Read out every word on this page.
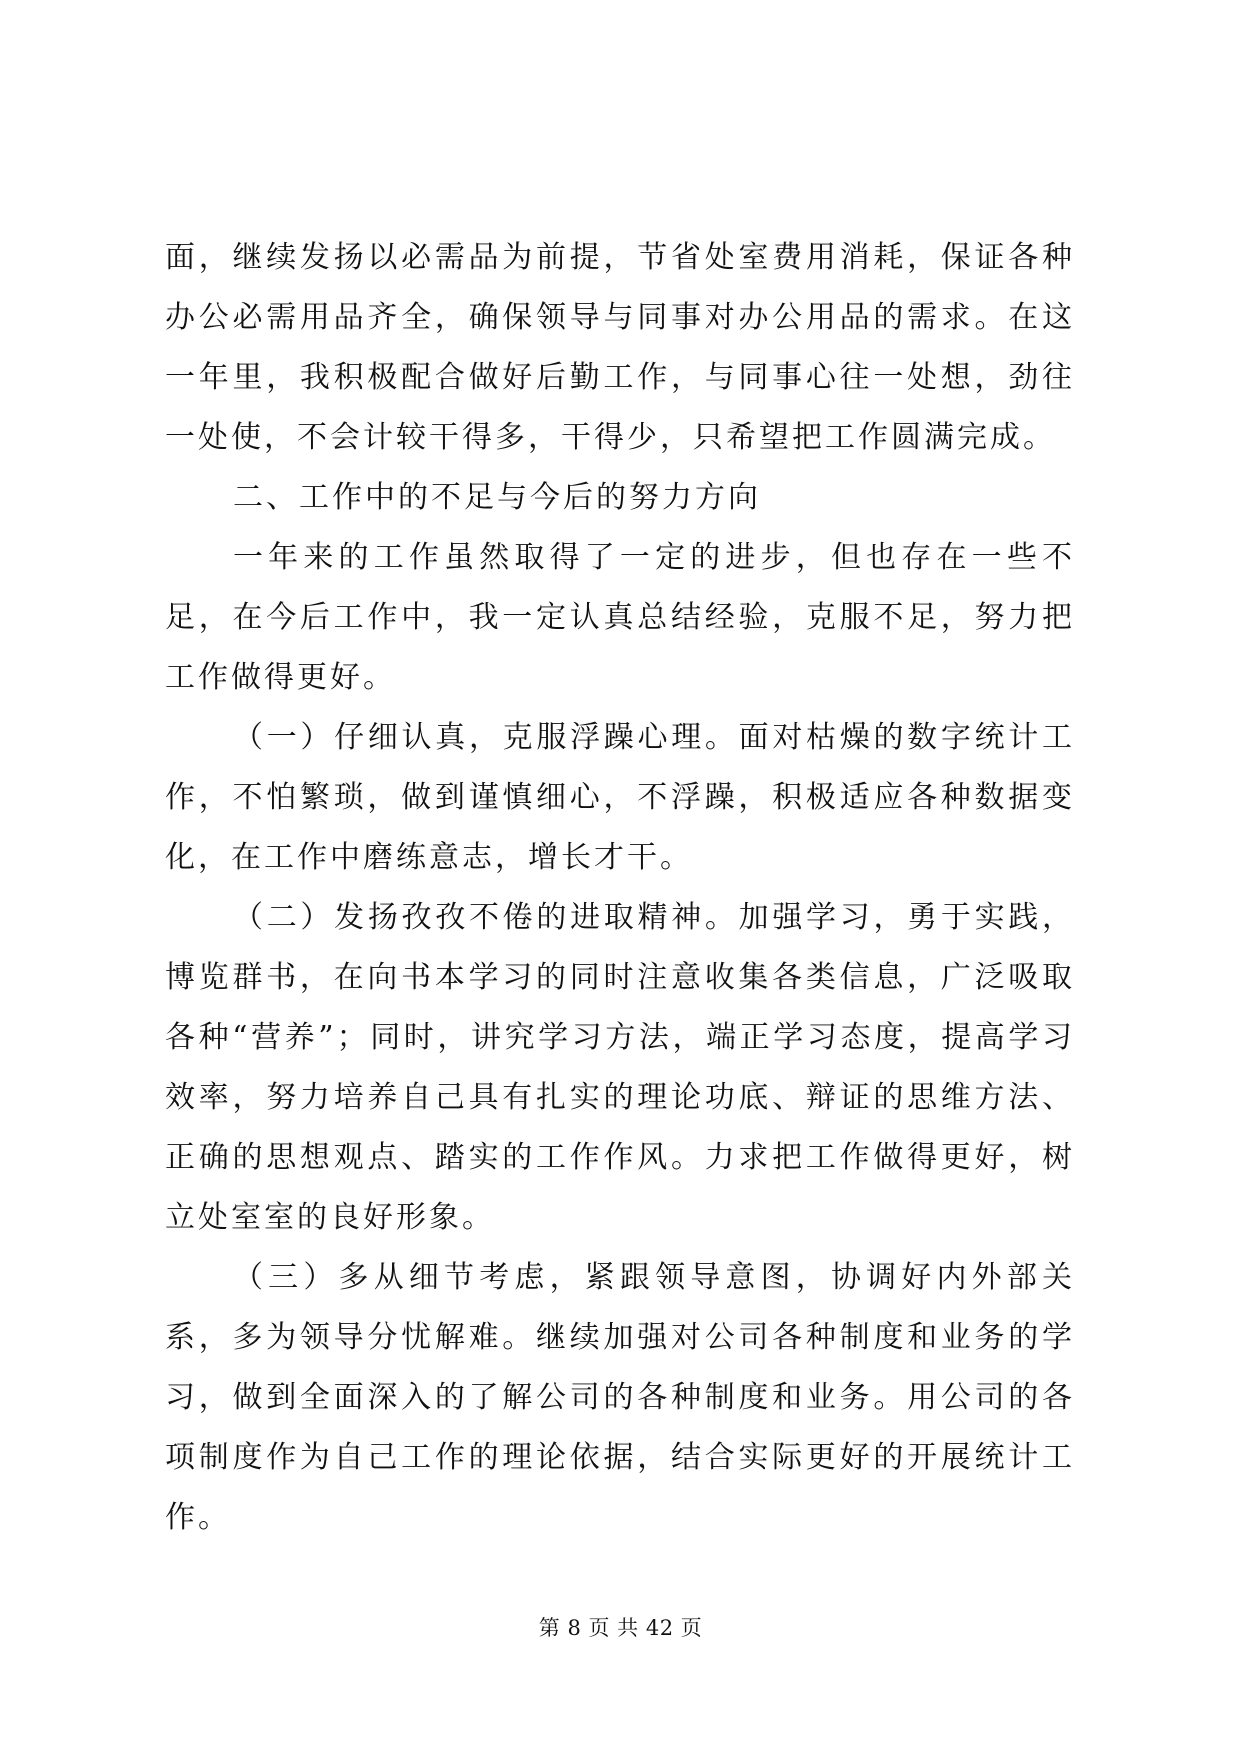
面，继续发扬以必需品为前提，节省处室费用消耗，保证各种办公必需用品齐全，确保领导与同事对办公用品的需求。在这一年里，我积极配合做好后勤工作，与同事心往一处想，劲往一处使，不会计较干得多，干得少，只希望把工作圆满完成。

二、工作中的不足与今后的努力方向

一年来的工作虽然取得了一定的进步，但也存在一些不足，在今后工作中，我一定认真总结经验，克服不足，努力把工作做得更好。

（一）仔细认真，克服浮躁心理。面对枯燥的数字统计工作，不怕繁琐，做到谨慎细心，不浮躁，积极适应各种数据变化，在工作中磨练意志，增长才干。

（二）发扬孜孜不倦的进取精神。加强学习，勇于实践，博览群书，在向书本学习的同时注意收集各类信息，广泛吸取各种“营养”；同时，讲究学习方法，端正学习态度，提高学习效率，努力培养自己具有扎实的理论功底、辩证的思维方法、正确的思想观点、踏实的工作作风。力求把工作做得更好，树立处室室的良好形象。

（三）多从细节考虑，紧跟领导意图，协调好内外部关系，多为领导分忧解难。继续加强对公司各种制度和业务的学习，做到全面深入的了解公司的各种制度和业务。用公司的各项制度作为自己工作的理论依据，结合实际更好的开展统计工作。

第 8 页 共 42 页
